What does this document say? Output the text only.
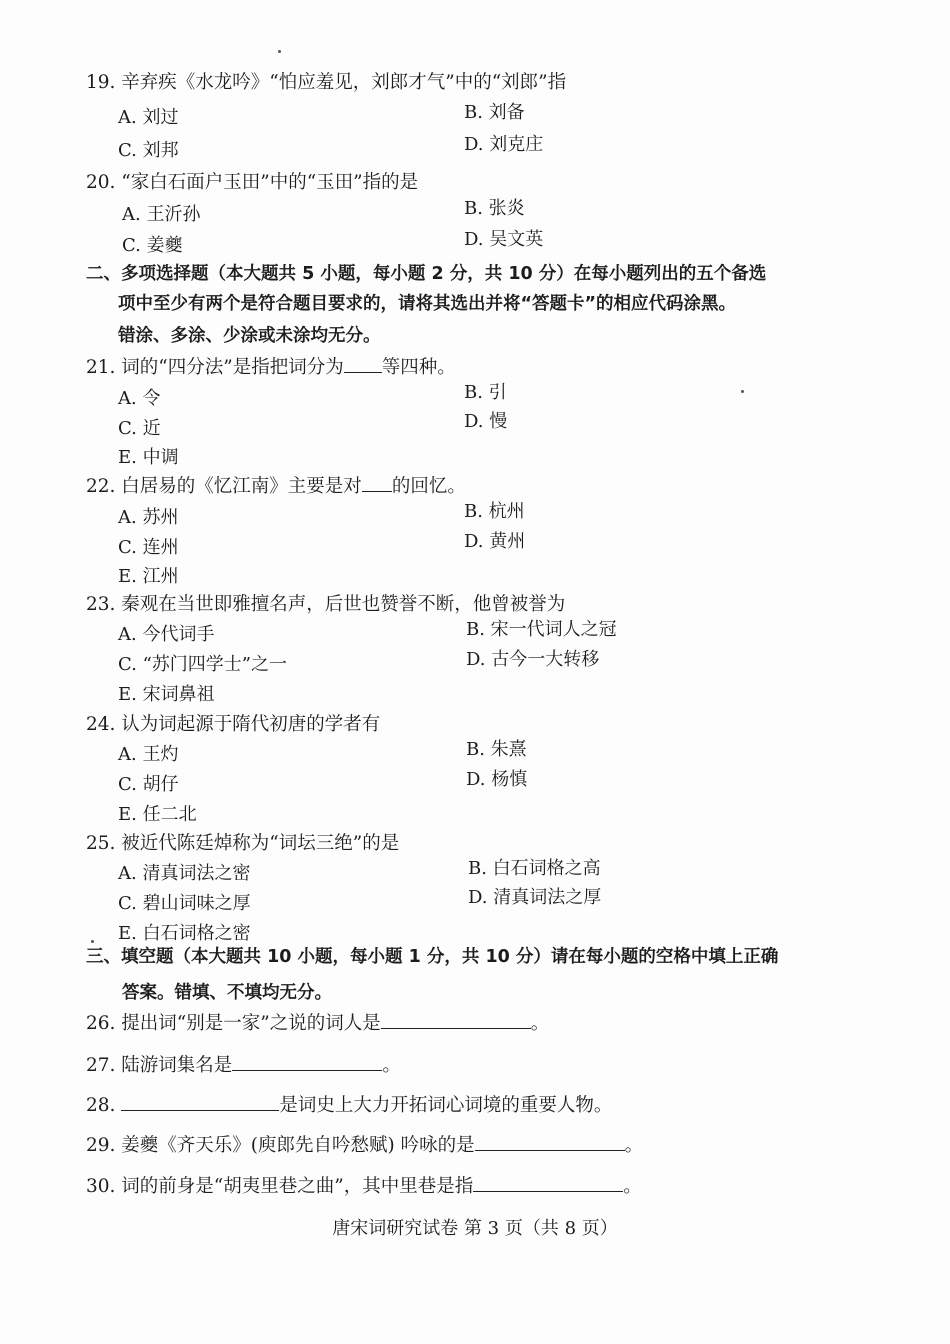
19. 辛弃疾《水龙吟》“怕应羞见，刘郎才气”中的“刘郎”指
A. 刘过	B. 刘备
C. 刘邦	D. 刘克庄
20. “家白石面户玉田”中的“玉田”指的是
A. 王沂孙	B. 张炎
C. 姜夔	D. 吴文英
二、多项选择题（本大题共 5 小题，每小题 2 分，共 10 分）在每小题列出的五个备选
项中至少有两个是符合题目要求的，请将其选出并将“答题卡”的相应代码涂黑。
错涂、多涂、少涂或未涂均无分。
21. 词的“四分法”是指把词分为 等四种。
A. 令	B. 引
C. 近	D. 慢
E. 中调
22. 白居易的《忆江南》主要是对 的回忆。
A. 苏州	B. 杭州
C. 连州	D. 黄州
E. 江州
23. 秦观在当世即雅擅名声，后世也赞誉不断，他曾被誉为
A. 今代词手	B. 宋一代词人之冠
C. “苏门四学士”之一	D. 古今一大转移
E. 宋词鼻祖
24. 认为词起源于隋代初唐的学者有
A. 王灼	B. 朱熹
C. 胡仔	D. 杨慎
E. 任二北
25. 被近代陈廷焯称为“词坛三绝”的是
A. 清真词法之密	B. 白石词格之高
C. 碧山词味之厚	D. 清真词法之厚
E. 白石词格之密
三、填空题（本大题共 10 小题，每小题 1 分，共 10 分）请在每小题的空格中填上正确
答案。错填、不填均无分。
26. 提出词“别是一家”之说的词人是	。
27. 陆游词集名是	。
28.	是词史上大力开拓词心词境的重要人物。
29. 姜夔《齐天乐》(庾郎先自吟愁赋) 吟咏的是	。
30. 词的前身是“胡夷里巷之曲”，其中里巷是指	。
唐宋词研究试卷 第 3 页（共 8 页）
